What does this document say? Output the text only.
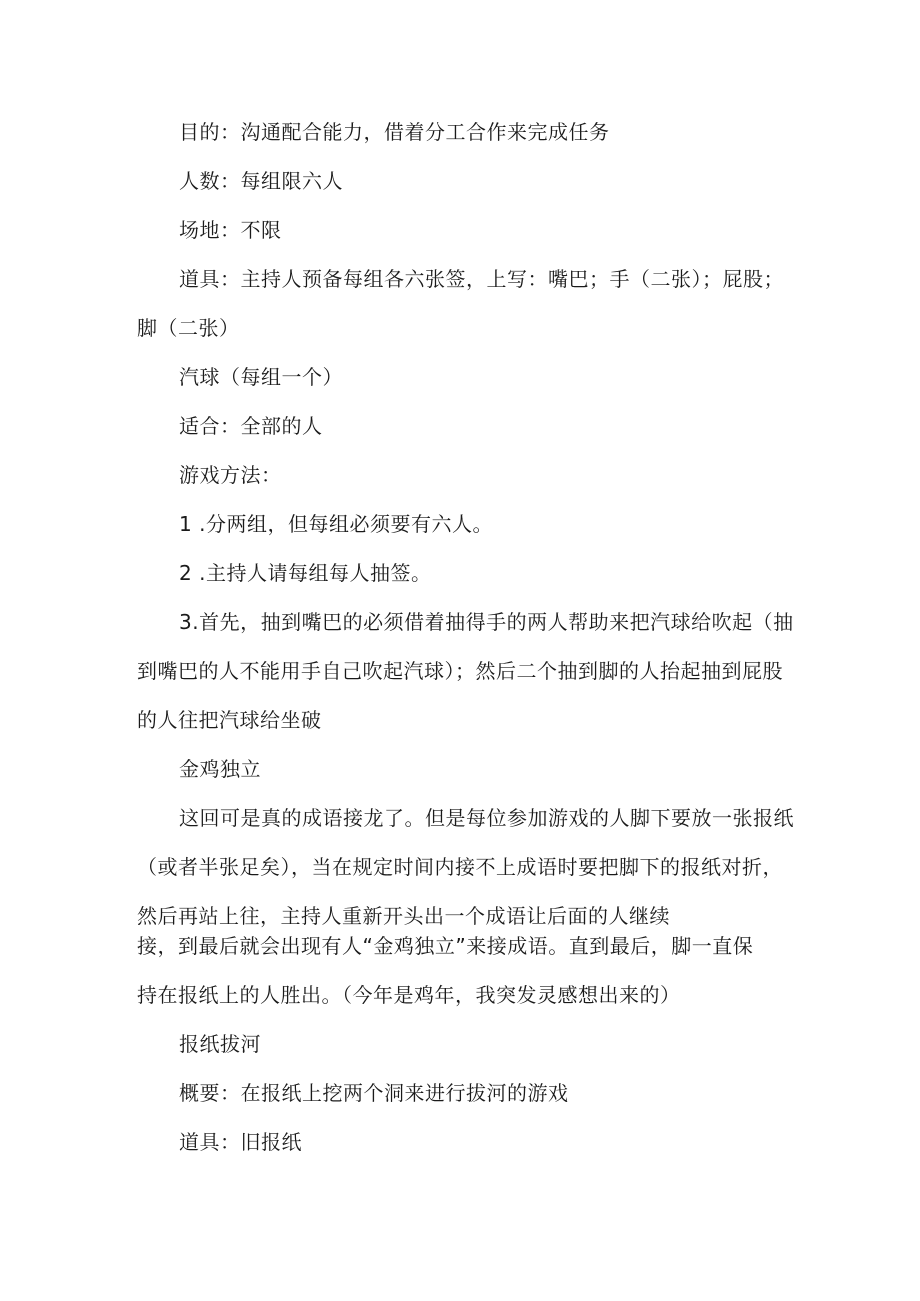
目的：沟通配合能力，借着分工合作来完成任务
人数：每组限六人
场地：不限
道具：主持人预备每组各六张签，上写：嘴巴；手（二张）；屁股；
脚（二张）
汽球（每组一个）
适合：全部的人
游戏方法：
1 .分两组，但每组必须要有六人。
2 .主持人请每组每人抽签。
3.首先，抽到嘴巴的必须借着抽得手的两人帮助来把汽球给吹起（抽
到嘴巴的人不能用手自己吹起汽球）；然后二个抽到脚的人抬起抽到屁股
的人往把汽球给坐破
金鸡独立
这回可是真的成语接龙了。但是每位参加游戏的人脚下要放一张报纸
（或者半张足矣），当在规定时间内接不上成语时要把脚下的报纸对折，
然后再站上往，主持人重新开头出一个成语让后面的人继续
接，到最后就会出现有人“金鸡独立”来接成语。直到最后，脚一直保
持在报纸上的人胜出。（今年是鸡年，我突发灵感想出来的）
报纸拔河
概要：在报纸上挖两个洞来进行拔河的游戏
道具：旧报纸
